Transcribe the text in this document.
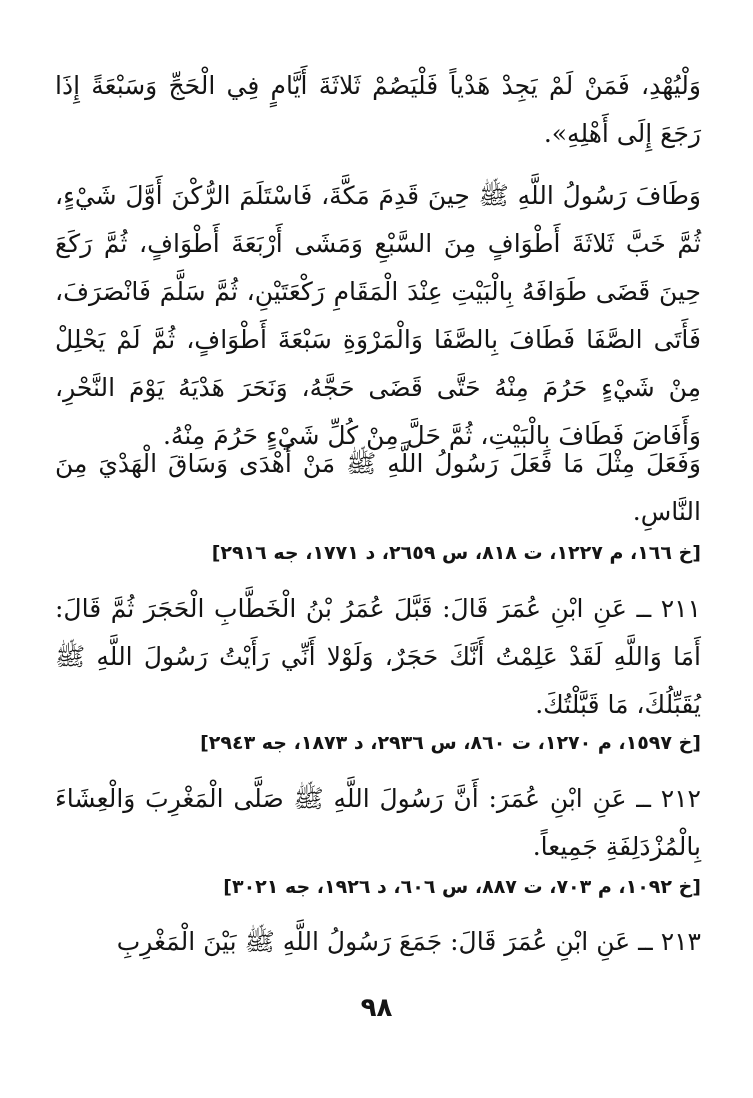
وَلْيُهْدِ، فَمَنْ لَمْ يَجِدْ هَدْياً فَلْيَصُمْ ثَلاثَةَ أَيَّامٍ فِي الْحَجِّ وَسَبْعَةً إِذَا رَجَعَ إِلَى أَهْلِهِ».

وَطَافَ رَسُولُ اللَّهِ ﷺ حِينَ قَدِمَ مَكَّةَ، فَاسْتَلَمَ الرُّكْنَ أَوَّلَ شَيْءٍ، ثُمَّ خَبَّ ثَلاثَةَ أَطْوَافٍ مِنَ السَّبْعِ وَمَشَى أَرْبَعَةَ أَطْوَافٍ، ثُمَّ رَكَعَ حِينَ قَضَى طَوَافَهُ بِالْبَيْتِ عِنْدَ الْمَقَامِ رَكْعَتَيْنِ، ثُمَّ سَلَّمَ فَانْصَرَفَ، فَأَتَى الصَّفَا فَطَافَ بِالصَّفَا وَالْمَرْوَةِ سَبْعَةَ أَطْوَافٍ، ثُمَّ لَمْ يَحْلِلْ مِنْ شَيْءٍ حَرُمَ مِنْهُ حَتَّى قَضَى حَجَّهُ، وَنَحَرَ هَدْيَهُ يَوْمَ النَّحْرِ، وَأَفَاضَ فَطَافَ بِالْبَيْتِ، ثُمَّ حَلَّ مِنْ كُلِّ شَيْءٍ حَرُمَ مِنْهُ.

وَفَعَلَ مِثْلَ مَا فَعَلَ رَسُولُ اللَّهِ ﷺ مَنْ أَهْدَى وَسَاقَ الْهَدْيَ مِنَ النَّاسِ.

[خ ١٦٦، م ١٢٢٧، ت ٨١٨، س ٢٦٥٩، د ١٧٧١، جه ٢٩١٦]

٢١١ ــ عَنِ ابْنِ عُمَرَ قَالَ: قَبَّلَ عُمَرُ بْنُ الْخَطَّابِ الْحَجَرَ ثُمَّ قَالَ: أَمَا وَاللَّهِ لَقَدْ عَلِمْتُ أَنَّكَ حَجَرٌ، وَلَوْلا أَنِّي رَأَيْتُ رَسُولَ اللَّهِ ﷺ يُقَبِّلُكَ، مَا قَبَّلْتُكَ.

[خ ١٥٩٧، م ١٢٧٠، ت ٨٦٠، س ٢٩٣٦، د ١٨٧٣، جه ٢٩٤٣]

٢١٢ ــ عَنِ ابْنِ عُمَرَ: أَنَّ رَسُولَ اللَّهِ ﷺ صَلَّى الْمَغْرِبَ وَالْعِشَاءَ بِالْمُزْدَلِفَةِ جَمِيعاً.

[خ ١٠٩٢، م ٧٠٣، ت ٨٨٧، س ٦٠٦، د ١٩٢٦، جه ٣٠٢١]

٢١٣ ــ عَنِ ابْنِ عُمَرَ قَالَ: جَمَعَ رَسُولُ اللَّهِ ﷺ بَيْنَ الْمَغْرِبِ

٩٨
